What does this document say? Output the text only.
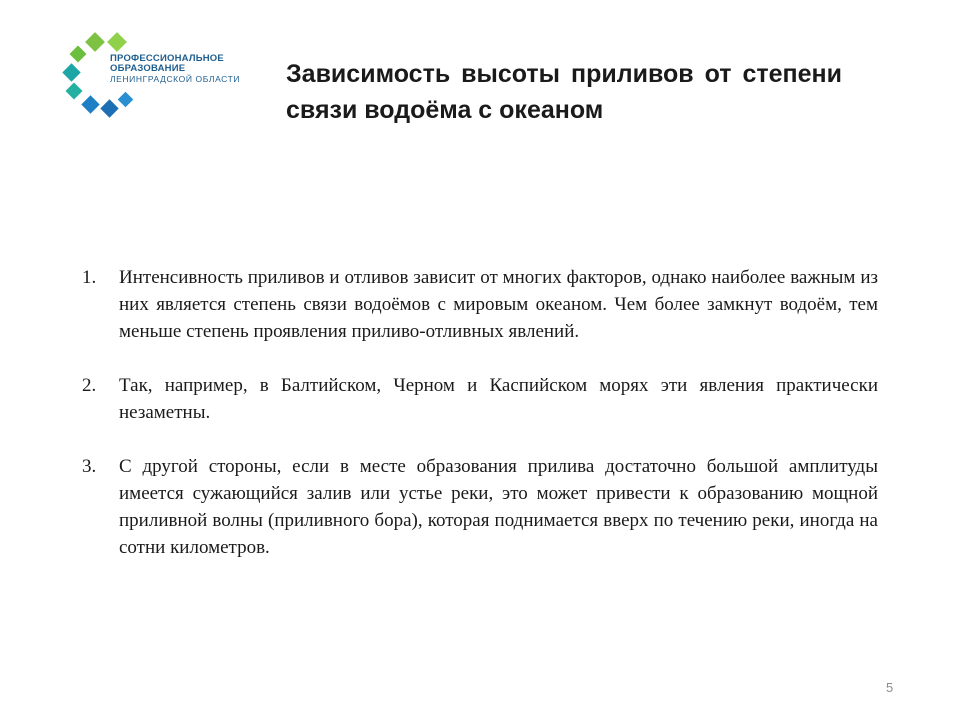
ПРОФЕССИОНАЛЬНОЕ
ОБРАЗОВАНИЕ
ЛЕНИНГРАДСКОЙ ОБЛАСТИ Зависимость высоты приливов от степени связи водоёма с океаном
1.	Интенсивность приливов и отливов зависит от многих факторов, однако наиболее важным из них является степень связи водоёмов с мировым океаном. Чем более замкнут водоём, тем меньше степень проявления приливо-отливных явлений.
2.	Так, например, в Балтийском, Черном и Каспийском морях эти явления практически незаметны.
3.	С другой стороны, если в месте образования прилива достаточно большой амплитуды имеется сужающийся залив или устье реки, это может привести к образованию мощной приливной волны (приливного бора), которая поднимается вверх по течению реки, иногда на сотни километров.
5
